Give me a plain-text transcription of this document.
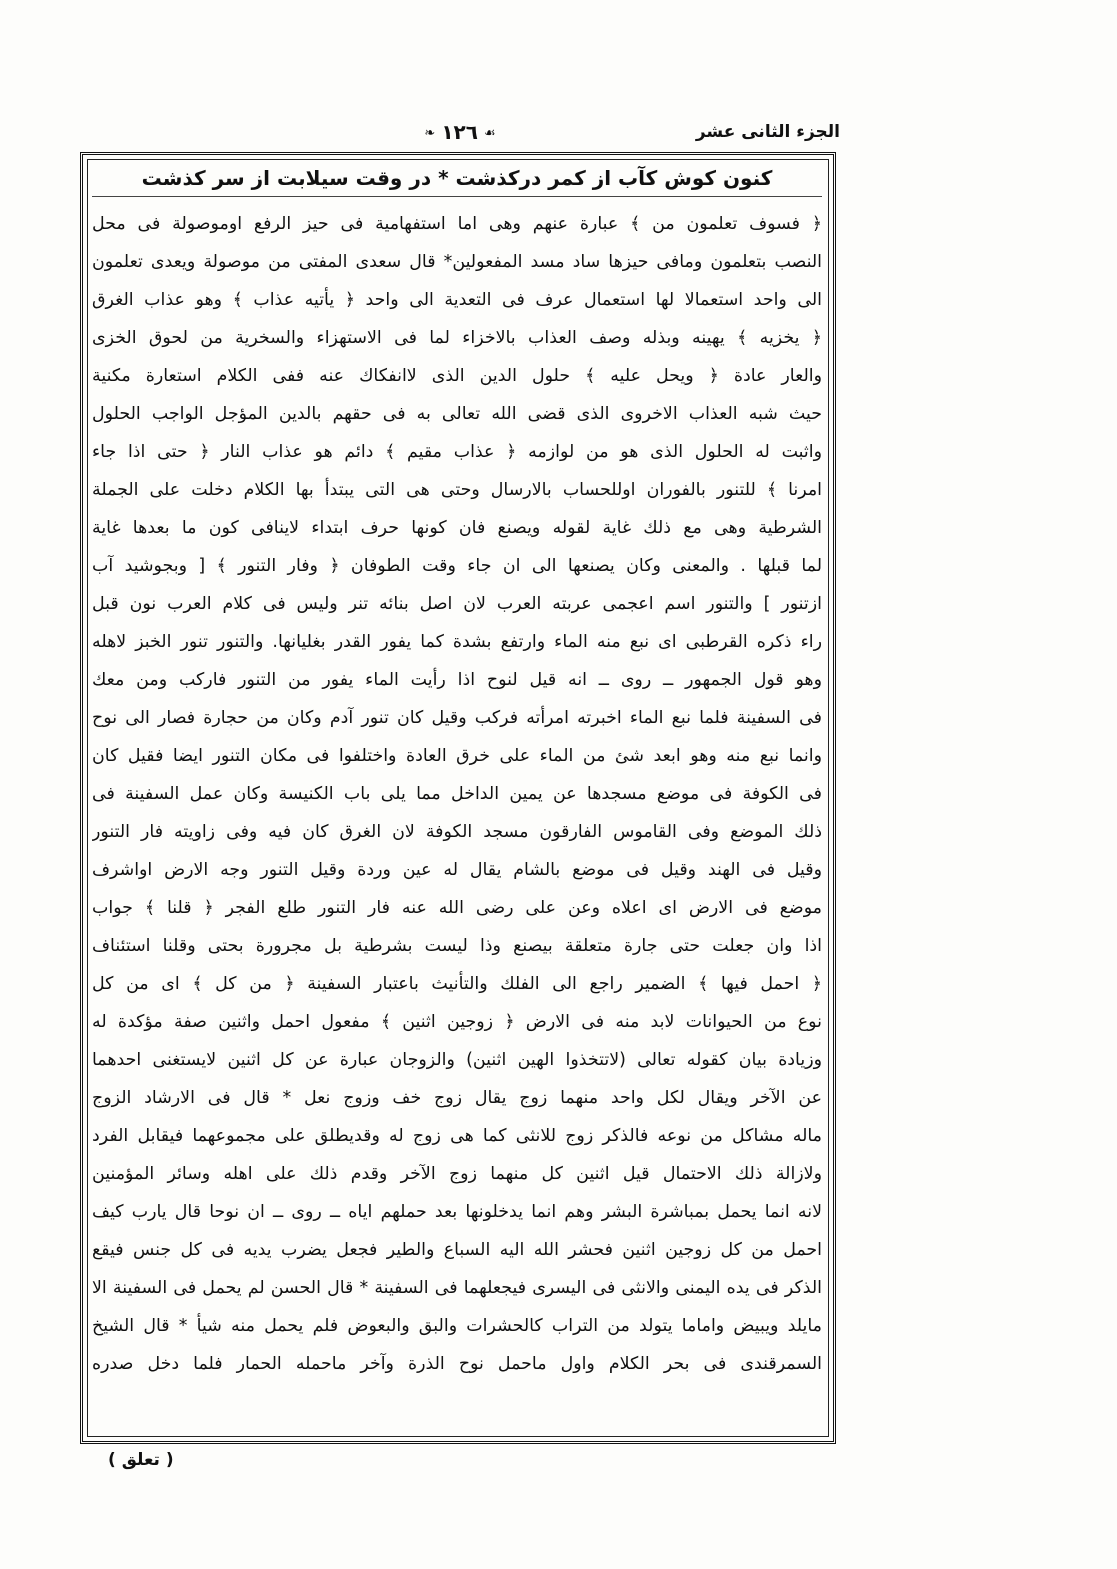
الجزء الثانى عشر
❧ ١٢٦ ☙
كنون كوش كآب از كمر دركذشت * در وقت سيلابت از سر كذشت
﴿ فسوف تعلمون من ﴾ عبارة عنهم وهى اما استفهامية فى حيز الرفع اوموصولة فى محل
النصب بتعلمون ومافى حيزها ساد مسد المفعولين* قال سعدى المفتى من موصولة ويعدى تعلمون
الى واحد استعمالا لها استعمال عرف فى التعدية الى واحد ﴿ يأتيه عذاب ﴾ وهو عذاب الغرق
﴿ يخزيه ﴾ يهينه وبذله وصف العذاب بالاخزاء لما فى الاستهزاء والسخرية من لحوق الخزى
والعار عادة ﴿ ويحل عليه ﴾ حلول الدين الذى لاانفكاك عنه ففى الكلام استعارة مكنية
حيث شبه العذاب الاخروى الذى قضى الله تعالى به فى حقهم بالدين المؤجل الواجب الحلول
واثبت له الحلول الذى هو من لوازمه ﴿ عذاب مقيم ﴾ دائم هو عذاب النار ﴿ حتى اذا جاء
امرنا ﴾ للتنور بالفوران اوللحساب بالارسال وحتى هى التى يبتدأ بها الكلام دخلت على الجملة
الشرطية وهى مع ذلك غاية لقوله ويصنع فان كونها حرف ابتداء لاينافى كون ما بعدها غاية
لما قبلها . والمعنى وكان يصنعها الى ان جاء وقت الطوفان ﴿ وفار التنور ﴾ [ وبجوشيد آب
ازتنور ] والتنور اسم اعجمى عربته العرب لان اصل بنائه تنر وليس فى كلام العرب نون قبل
راء ذكره القرطبى اى نبع منه الماء وارتفع بشدة كما يفور القدر بغليانها. والتنور تنور الخبز لاهله
وهو قول الجمهور ــ روى ــ انه قيل لنوح اذا رأيت الماء يفور من التنور فاركب ومن معك
فى السفينة فلما نبع الماء اخبرته امرأته فركب وقيل كان تنور آدم وكان من حجارة فصار الى نوح
وانما نبع منه وهو ابعد شئ من الماء على خرق العادة واختلفوا فى مكان التنور ايضا فقيل كان
فى الكوفة فى موضع مسجدها عن يمين الداخل مما يلى باب الكنيسة وكان عمل السفينة فى
ذلك الموضع وفى القاموس الفارقون مسجد الكوفة لان الغرق كان فيه وفى زاويته فار التنور
وقيل فى الهند وقيل فى موضع بالشام يقال له عين وردة وقيل التنور وجه الارض اواشرف
موضع فى الارض اى اعلاه وعن على رضى الله عنه فار التنور طلع الفجر ﴿ قلنا ﴾ جواب
اذا وان جعلت حتى جارة متعلقة بيصنع وذا ليست بشرطية بل مجرورة بحتى وقلنا استئناف
﴿ احمل فيها ﴾ الضمير راجع الى الفلك والتأنيث باعتبار السفينة ﴿ من كل ﴾ اى من كل
نوع من الحيوانات لابد منه فى الارض ﴿ زوجين اثنين ﴾ مفعول احمل واثنين صفة مؤكدة له
وزيادة بيان كقوله تعالى (لاتتخذوا الهين اثنين) والزوجان عبارة عن كل اثنين لايستغنى احدهما
عن الآخر ويقال لكل واحد منهما زوج يقال زوج خف وزوج نعل * قال فى الارشاد الزوج
ماله مشاكل من نوعه فالذكر زوج للانثى كما هى زوج له وقديطلق على مجموعهما فيقابل الفرد
ولازالة ذلك الاحتمال قيل اثنين كل منهما زوج الآخر وقدم ذلك على اهله وسائر المؤمنين
لانه انما يحمل بمباشرة البشر وهم انما يدخلونها بعد حملهم اياه ــ روى ــ ان نوحا قال يارب كيف
احمل من كل زوجين اثنين فحشر الله اليه السباع والطير فجعل يضرب يديه فى كل جنس فيقع
الذكر فى يده اليمنى والانثى فى اليسرى فيجعلهما فى السفينة * قال الحسن لم يحمل فى السفينة الا
مايلد ويبيض واماما يتولد من التراب كالحشرات والبق والبعوض فلم يحمل منه شيأ * قال الشيخ
السمرقندى فى بحر الكلام واول ماحمل نوح الذرة وآخر ماحمله الحمار فلما دخل صدره
( تعلق )
